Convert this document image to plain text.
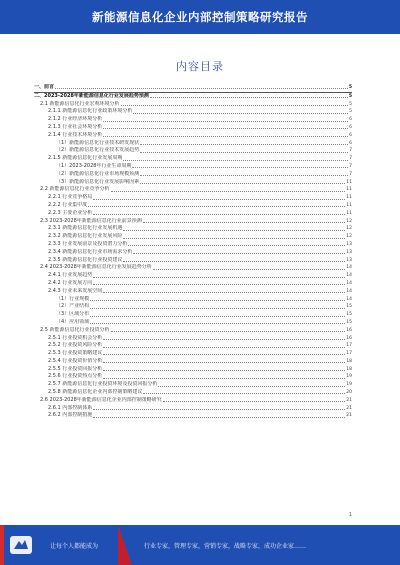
新能源信息化企业内部控制策略研究报告
内容目录
一、前言	5
二、2023-2028年新能源信息化行业发展趋势预测	5
2.1 新能源信息化行业宏观环境分析	5
2.1.1 新能源信息化行业政策环境分析	5
2.1.2 行业经济环境分析	6
2.1.3 行业社会环境分析	6
2.1.4 行业技术环境分析	6
（1）新能源信息化行业技术研发现状	6
（2）新能源信息化行业技术发展趋势	7
2.1.5 新能源信息化行业发展周期	7
（1）2023-2028年行业生命周期	7
（2）新能源信息化行业市场规模预测	7
（3）新能源信息化行业发展影响因素	11
2.2 新能源信息化行业竞争分析	11
2.2.1 行业竞争格局	11
2.2.2 行业集中度	11
2.2.3 主要企业分析	11
2.3 2023-2028年新能源信息化行业前景预测	12
2.3.1 新能源信息化行业发展机遇	12
2.3.2 新能源信息化行业发展风险	12
2.3.3 行业发展前景及投资潜力分析	13
2.3.4 新能源信息化行业市场需求分析	13
2.3.5 新能源信息化行业投资建议	13
2.4 2023-2028年新能源信息化行业发展趋势分析	14
2.4.1 行业发展趋势	14
2.4.2 行业发展方向	14
2.4.3 行业未来发展空间	14
（1）行业规模	14
（2）产业结构	15
（3）区域分布	15
（4）应用领域	15
2.5 新能源信息化行业投资分析	16
2.5.1 行业投资机会分析	16
2.5.2 行业投资风险分析	17
2.5.3 行业投资策略建议	17
2.5.4 行业投资价值分析	18
2.5.5 行业投资回报分析	18
2.5.6 行业投资热点分析	19
2.5.7 新能源信息化行业投资环境及投资回报分析	19
2.5.8 新能源信息化企业内部控制策略建议	20
2.6 2023-2028年新能源信息化企业内部控制策略研究	21
2.6.1 内部控制体系	21
2.6.2 内部控制措施	21
1
让每个人都能成为	行业专家，管理专家，营销专家，战略专家，成功企业家……
